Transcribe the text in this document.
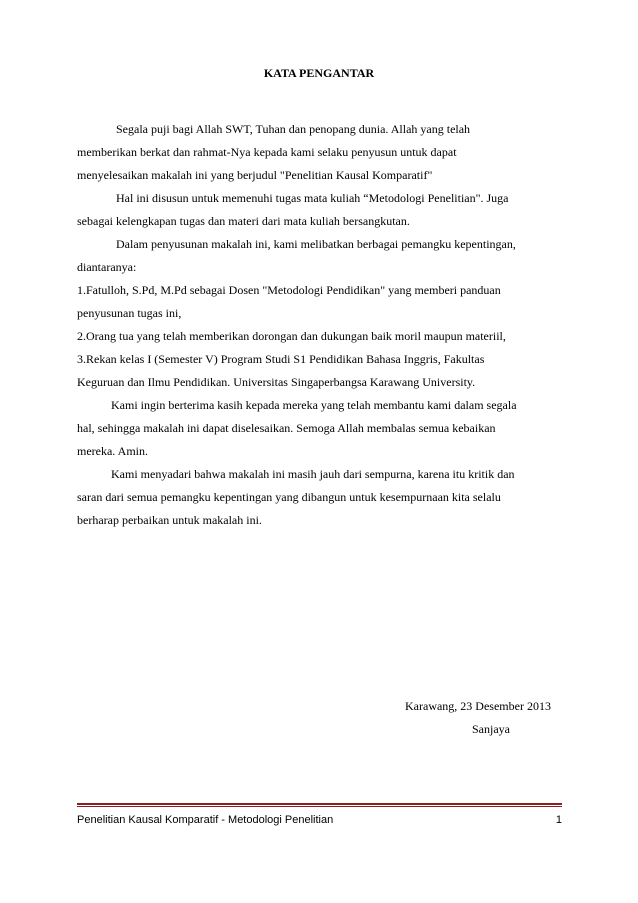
KATA PENGANTAR
Segala puji bagi Allah SWT, Tuhan dan penopang dunia. Allah yang telah
memberikan berkat dan rahmat-Nya kepada kami selaku penyusun untuk dapat
menyelesaikan makalah ini yang berjudul "Penelitian Kausal Komparatif"
Hal ini disusun untuk memenuhi tugas mata kuliah “Metodologi Penelitian". Juga
sebagai kelengkapan tugas dan materi dari mata kuliah bersangkutan.
Dalam penyusunan makalah ini, kami melibatkan berbagai pemangku kepentingan,
diantaranya:
1.Fatulloh, S.Pd, M.Pd sebagai Dosen "Metodologi Pendidikan" yang memberi panduan
penyusunan tugas ini,
2.Orang tua yang telah memberikan dorongan dan dukungan baik moril maupun materiil,
3.Rekan kelas I (Semester V) Program Studi S1 Pendidikan Bahasa Inggris, Fakultas
Keguruan dan Ilmu Pendidikan. Universitas Singaperbangsa Karawang University.
Kami ingin berterima kasih kepada mereka yang telah membantu kami dalam segala
hal, sehingga makalah ini dapat diselesaikan. Semoga Allah membalas semua kebaikan
mereka. Amin.
Kami menyadari bahwa makalah ini masih jauh dari sempurna, karena itu kritik dan
saran dari semua pemangku kepentingan yang dibangun untuk kesempurnaan kita selalu
berharap perbaikan untuk makalah ini.
Karawang, 23 Desember 2013
Sanjaya
Penelitian Kausal Komparatif - Metodologi Penelitian	1
